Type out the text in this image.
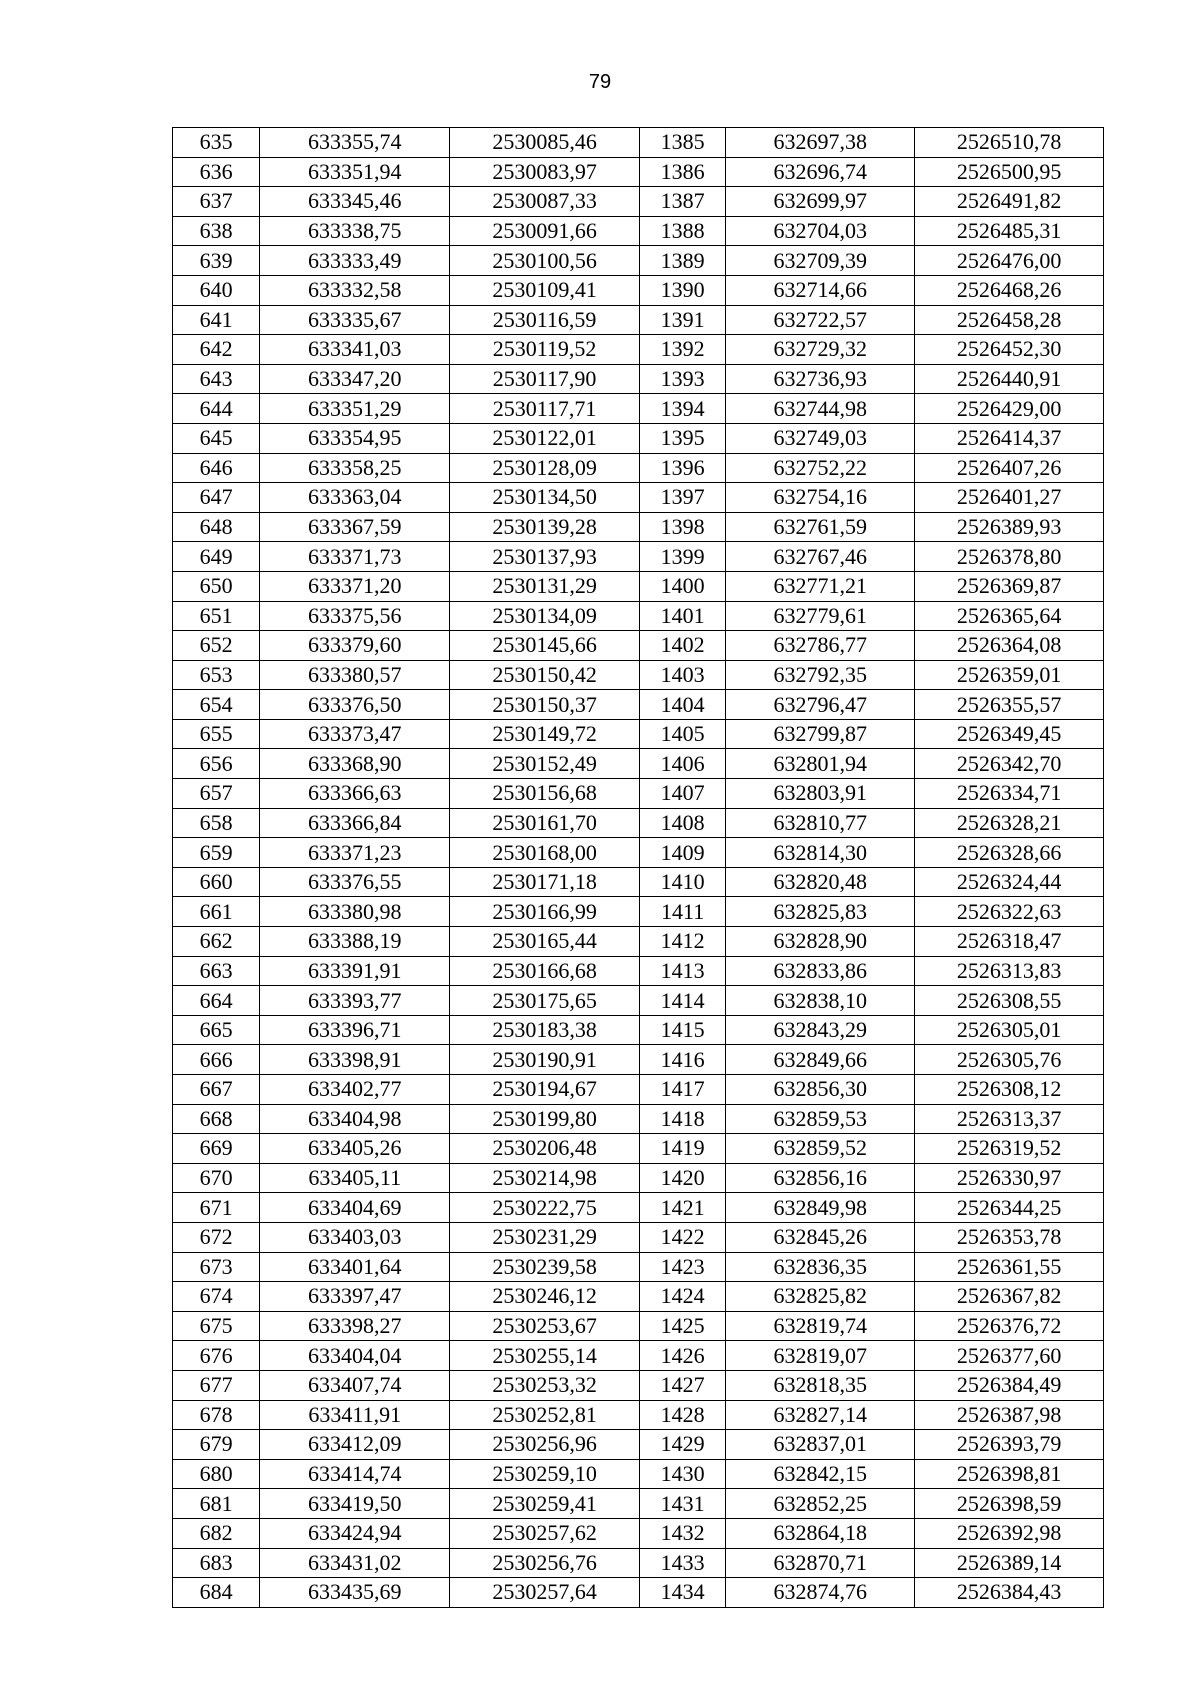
79
635	633355,74	2530085,46	1385	632697,38	2526510,78
636	633351,94	2530083,97	1386	632696,74	2526500,95
637	633345,46	2530087,33	1387	632699,97	2526491,82
638	633338,75	2530091,66	1388	632704,03	2526485,31
639	633333,49	2530100,56	1389	632709,39	2526476,00
640	633332,58	2530109,41	1390	632714,66	2526468,26
641	633335,67	2530116,59	1391	632722,57	2526458,28
642	633341,03	2530119,52	1392	632729,32	2526452,30
643	633347,20	2530117,90	1393	632736,93	2526440,91
644	633351,29	2530117,71	1394	632744,98	2526429,00
645	633354,95	2530122,01	1395	632749,03	2526414,37
646	633358,25	2530128,09	1396	632752,22	2526407,26
647	633363,04	2530134,50	1397	632754,16	2526401,27
648	633367,59	2530139,28	1398	632761,59	2526389,93
649	633371,73	2530137,93	1399	632767,46	2526378,80
650	633371,20	2530131,29	1400	632771,21	2526369,87
651	633375,56	2530134,09	1401	632779,61	2526365,64
652	633379,60	2530145,66	1402	632786,77	2526364,08
653	633380,57	2530150,42	1403	632792,35	2526359,01
654	633376,50	2530150,37	1404	632796,47	2526355,57
655	633373,47	2530149,72	1405	632799,87	2526349,45
656	633368,90	2530152,49	1406	632801,94	2526342,70
657	633366,63	2530156,68	1407	632803,91	2526334,71
658	633366,84	2530161,70	1408	632810,77	2526328,21
659	633371,23	2530168,00	1409	632814,30	2526328,66
660	633376,55	2530171,18	1410	632820,48	2526324,44
661	633380,98	2530166,99	1411	632825,83	2526322,63
662	633388,19	2530165,44	1412	632828,90	2526318,47
663	633391,91	2530166,68	1413	632833,86	2526313,83
664	633393,77	2530175,65	1414	632838,10	2526308,55
665	633396,71	2530183,38	1415	632843,29	2526305,01
666	633398,91	2530190,91	1416	632849,66	2526305,76
667	633402,77	2530194,67	1417	632856,30	2526308,12
668	633404,98	2530199,80	1418	632859,53	2526313,37
669	633405,26	2530206,48	1419	632859,52	2526319,52
670	633405,11	2530214,98	1420	632856,16	2526330,97
671	633404,69	2530222,75	1421	632849,98	2526344,25
672	633403,03	2530231,29	1422	632845,26	2526353,78
673	633401,64	2530239,58	1423	632836,35	2526361,55
674	633397,47	2530246,12	1424	632825,82	2526367,82
675	633398,27	2530253,67	1425	632819,74	2526376,72
676	633404,04	2530255,14	1426	632819,07	2526377,60
677	633407,74	2530253,32	1427	632818,35	2526384,49
678	633411,91	2530252,81	1428	632827,14	2526387,98
679	633412,09	2530256,96	1429	632837,01	2526393,79
680	633414,74	2530259,10	1430	632842,15	2526398,81
681	633419,50	2530259,41	1431	632852,25	2526398,59
682	633424,94	2530257,62	1432	632864,18	2526392,98
683	633431,02	2530256,76	1433	632870,71	2526389,14
684	633435,69	2530257,64	1434	632874,76	2526384,43
